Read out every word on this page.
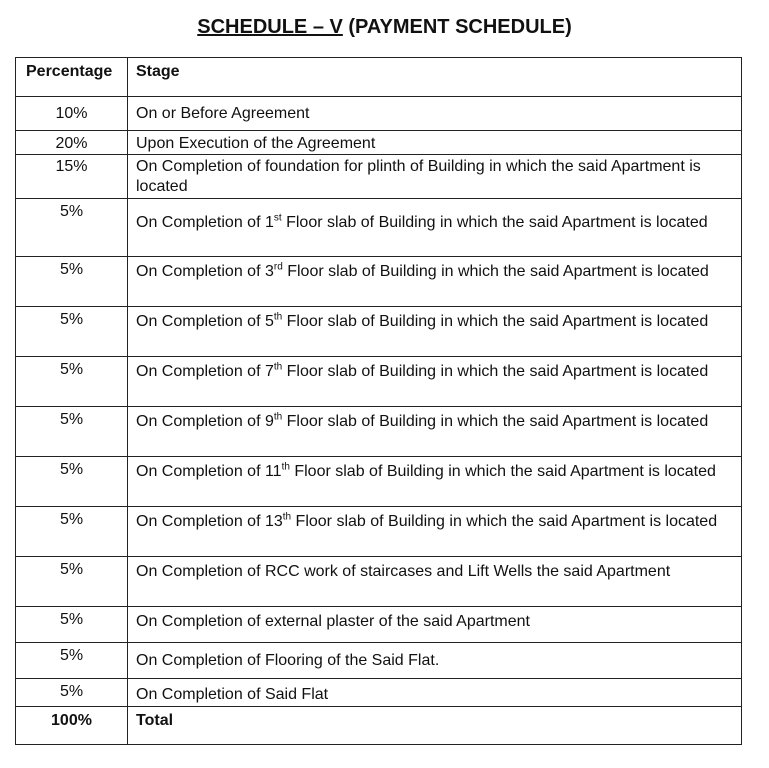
SCHEDULE – V (PAYMENT SCHEDULE)
Percentage	Stage
10%	On or Before Agreement
20%	Upon Execution of the Agreement
15%	On Completion of foundation for plinth of Building in which the said Apartment is located
5%	On Completion of 1st Floor slab of Building in which the said Apartment is located
5%	On Completion of 3rd Floor slab of Building in which the said Apartment is located
5%	On Completion of 5th Floor slab of Building in which the said Apartment is located
5%	On Completion of 7th Floor slab of Building in which the said Apartment is located
5%	On Completion of 9th Floor slab of Building in which the said Apartment is located
5%	On Completion of 11th Floor slab of Building in which the said Apartment is located
5%	On Completion of 13th Floor slab of Building in which the said Apartment is located
5%	On Completion of RCC work of staircases and Lift Wells the said Apartment
5%	On Completion of external plaster of the said Apartment
5%	On Completion of Flooring of the Said Flat.
5%	On Completion of Said Flat
100%	Total
